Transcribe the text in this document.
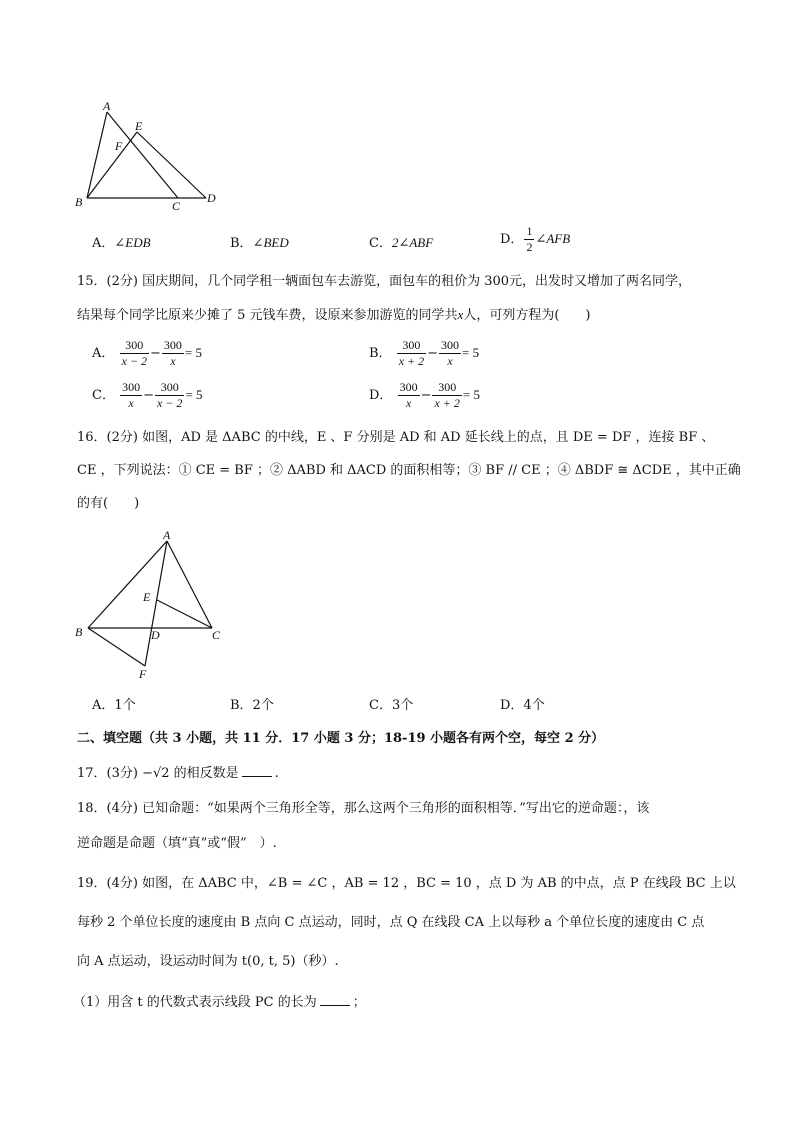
A
E
F
B	C
D
A．∠EDB	B．∠BED	C．2∠ABF	D． $\frac{1}{2}$ ∠AFB
15．(2分) 国庆期间，几个同学租一辆面包车去游览，面包车的租价为 300元，出发时又增加了两名同学，
结果每个同学比原来少摊了 5 元钱车费，设原来参加游览的同学共x人，可列方程为(　　)
A． $\frac{300}{x - 2} - \frac{300}{x} = 5$	B． $\frac{300}{x + 2} - \frac{300}{x} = 5$
C． $\frac{300}{x} - \frac{300}{x - 2} = 5$	D． $\frac{300}{x} - \frac{300}{x + 2} = 5$
16．(2分) 如图，AD 是 ΔABC 的中线，E 、F 分别是 AD 和 AD 延长线上的点，且 DE = DF ，连接 BF 、
CE ，下列说法：① CE = BF ；② ΔABD 和 ΔACD 的面积相等；③ BF // CE ；④ ΔBDF ≅ ΔCDE ，其中正确
的有(　　)
A
E
B	D	C
F
A．1个	B．2个	C．3个	D．4个
二、填空题（共 3 小题，共 11 分．17 小题 3 分；18-19 小题各有两个空，每空 2 分）
17．(3分) −√2 的相反数是	.
18．(4分) 已知命题：“如果两个三角形全等，那么这两个三角形的面积相等．”写出它的逆命题：，该
逆命题是命题（填“真”或“假”　）.
19．(4分) 如图，在 ΔABC 中，∠B = ∠C ，AB = 12 ，BC = 10 ，点 D 为 AB 的中点，点 P 在线段 BC 上以
每秒 2 个单位长度的速度由 B 点向 C 点运动，同时，点 Q 在线段 CA 上以每秒 a 个单位长度的速度由 C 点
向 A 点运动，设运动时间为 t(0, t, 5)（秒）.
（1）用含 t 的代数式表示线段 PC 的长为	；
